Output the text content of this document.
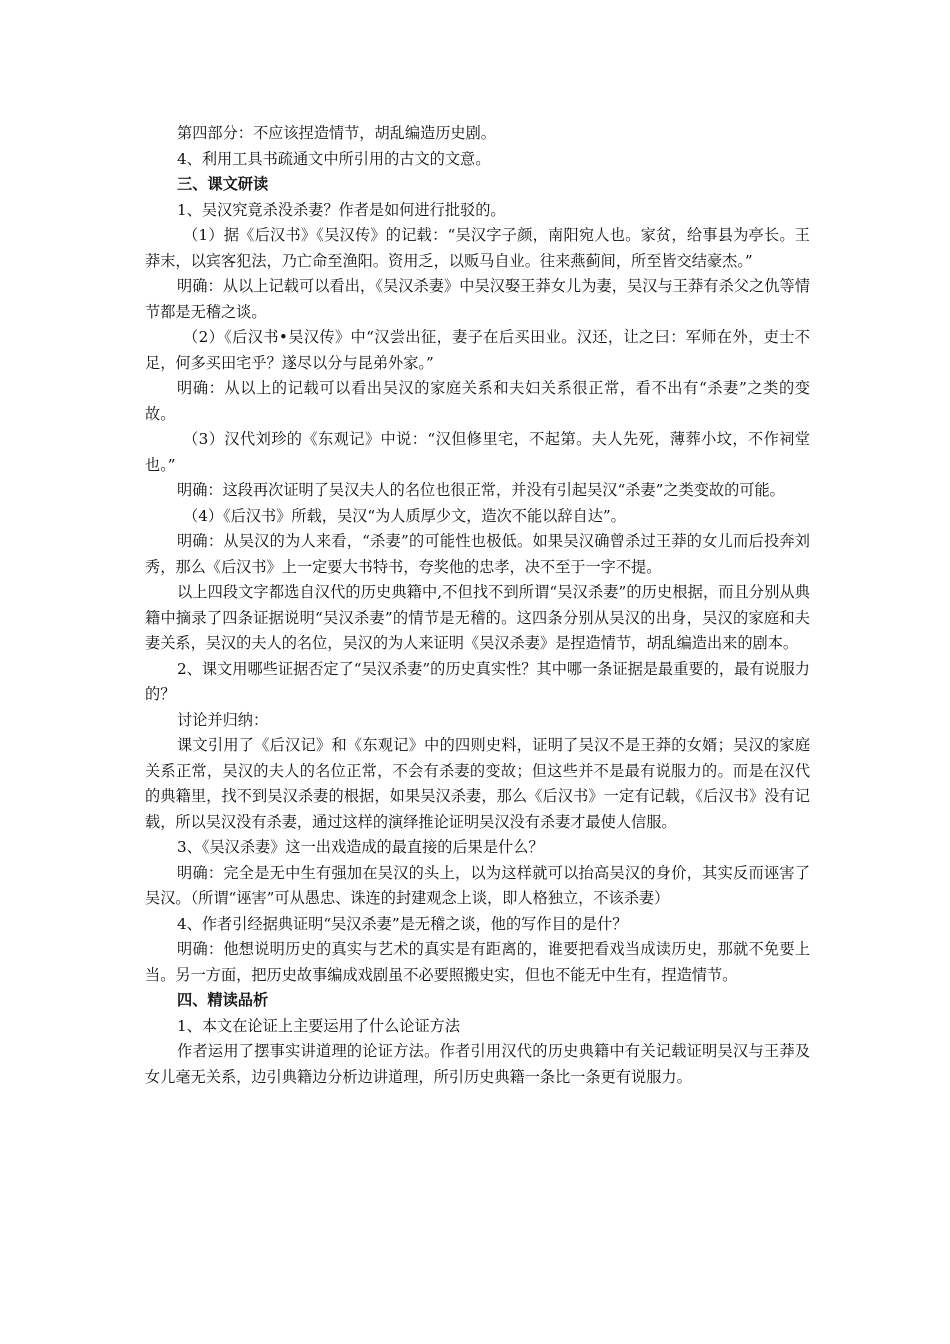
第四部分：不应该捏造情节，胡乱编造历史剧。

4、利用工具书疏通文中所引用的古文的文意。

三、课文研读

1、吴汉究竟杀没杀妻？作者是如何进行批驳的。

（1）据《后汉书》《吴汉传》的记载：“吴汉字子颜，南阳宛人也。家贫，给事县为亭长。王莽末，以宾客犯法，乃亡命至渔阳。资用乏，以贩马自业。往来燕蓟间，所至皆交结豪杰。”

明确：从以上记载可以看出，《吴汉杀妻》中吴汉娶王莽女儿为妻，吴汉与王莽有杀父之仇等情节都是无稽之谈。

（2）《后汉书•吴汉传》中“汉尝出征，妻子在后买田业。汉还，让之曰：军师在外，吏士不足，何多买田宅乎？遂尽以分与昆弟外家。”

明确：从以上的记载可以看出吴汉的家庭关系和夫妇关系很正常，看不出有“杀妻”之类的变故。

（3）汉代刘珍的《东观记》中说：“汉但修里宅，不起第。夫人先死，薄葬小坟，不作祠堂也。”

明确：这段再次证明了吴汉夫人的名位也很正常，并没有引起吴汉“杀妻”之类变故的可能。

（4）《后汉书》所载，吴汉“为人质厚少文，造次不能以辞自达”。

明确：从吴汉的为人来看，“杀妻”的可能性也极低。如果吴汉确曾杀过王莽的女儿而后投奔刘秀，那么《后汉书》上一定要大书特书，夸奖他的忠孝，决不至于一字不提。

以上四段文字都选自汉代的历史典籍中,不但找不到所谓“吴汉杀妻”的历史根据，而且分别从典籍中摘录了四条证据说明“吴汉杀妻”的情节是无稽的。这四条分别从吴汉的出身，吴汉的家庭和夫妻关系，吴汉的夫人的名位，吴汉的为人来证明《吴汉杀妻》是捏造情节，胡乱编造出来的剧本。

2、课文用哪些证据否定了“吴汉杀妻”的历史真实性？其中哪一条证据是最重要的，最有说服力的？

讨论并归纳：

课文引用了《后汉记》和《东观记》中的四则史料，证明了吴汉不是王莽的女婿；吴汉的家庭关系正常，吴汉的夫人的名位正常，不会有杀妻的变故；但这些并不是最有说服力的。而是在汉代的典籍里，找不到吴汉杀妻的根据，如果吴汉杀妻，那么《后汉书》一定有记载，《后汉书》没有记载，所以吴汉没有杀妻，通过这样的演绎推论证明吴汉没有杀妻才最使人信服。

3、《吴汉杀妻》这一出戏造成的最直接的后果是什么？

明确：完全是无中生有强加在吴汉的头上，以为这样就可以抬高吴汉的身价，其实反而诬害了吴汉。（所谓“诬害”可从愚忠、诛连的封建观念上谈，即人格独立，不该杀妻）

4、作者引经据典证明“吴汉杀妻”是无稽之谈，他的写作目的是什？

明确：他想说明历史的真实与艺术的真实是有距离的，谁要把看戏当成读历史，那就不免要上当。另一方面，把历史故事编成戏剧虽不必要照搬史实，但也不能无中生有，捏造情节。

四、精读品析

1、本文在论证上主要运用了什么论证方法

作者运用了摆事实讲道理的论证方法。作者引用汉代的历史典籍中有关记载证明吴汉与王莽及女儿毫无关系，边引典籍边分析边讲道理，所引历史典籍一条比一条更有说服力。
